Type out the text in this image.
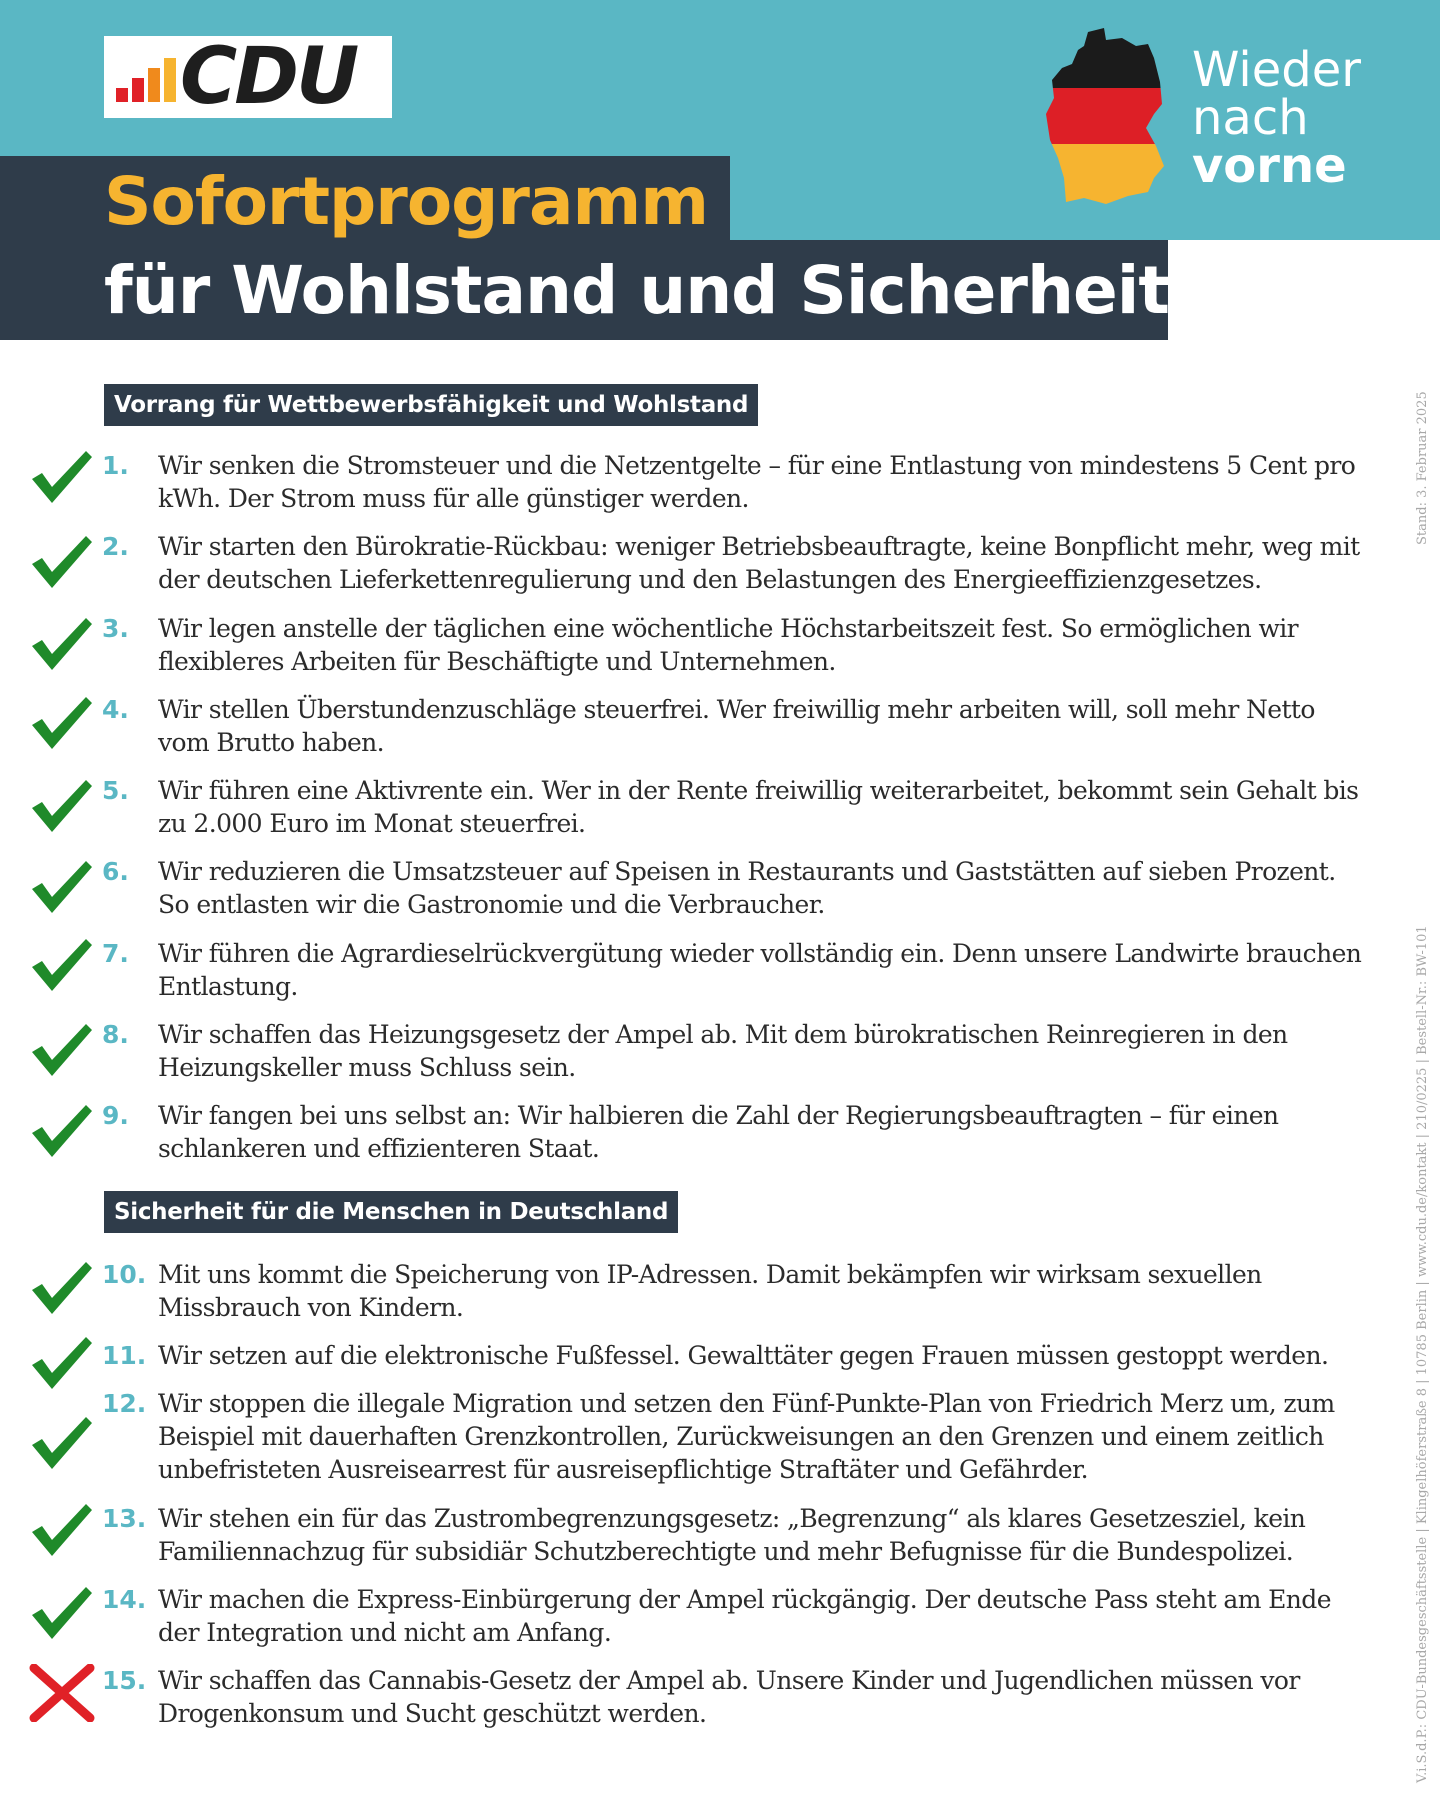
CDU	Wieder
nach
vorne
Sofortprogramm
für Wohlstand und Sicherheit
Vorrang für Wettbewerbsfähigkeit und Wohlstand
Sicherheit für die Menschen in Deutschland
1.	Wir senken die Stromsteuer und die Netzentgelte – für eine Entlastung von mindestens 5 Cent pro kWh. Der Strom muss für alle günstiger werden.
2.	Wir starten den Bürokratie-Rückbau: weniger Betriebsbeauftragte, keine Bonpflicht mehr, weg mit der deutschen Lieferkettenregulierung und den Belastungen des Energieeffizienzgesetzes.
3.	Wir legen anstelle der täglichen eine wöchentliche Höchstarbeitszeit fest. So ermöglichen wir flexibleres Arbeiten für Beschäftigte und Unternehmen.
4.	Wir stellen Überstundenzuschläge steuerfrei. Wer freiwillig mehr arbeiten will, soll mehr Netto vom Brutto haben.
5.	Wir führen eine Aktivrente ein. Wer in der Rente freiwillig weiterarbeitet, bekommt sein Gehalt bis zu 2.000 Euro im Monat steuerfrei.
6.	Wir reduzieren die Umsatzsteuer auf Speisen in Restaurants und Gaststätten auf sieben Prozent. So entlasten wir die Gastronomie und die Verbraucher.
7.	Wir führen die Agrardieselrückvergütung wieder vollständig ein. Denn unsere Landwirte brauchen Entlastung.
8.	Wir schaffen das Heizungsgesetz der Ampel ab. Mit dem bürokratischen Reinregieren in den Heizungskeller muss Schluss sein.
9.	Wir fangen bei uns selbst an: Wir halbieren die Zahl der Regierungsbeauftragten – für einen schlankeren und effizienteren Staat.
10. Mit uns kommt die Speicherung von IP-Adressen. Damit bekämpfen wir wirksam sexuellen Missbrauch von Kindern.
11. Wir setzen auf die elektronische Fußfessel. Gewalttäter gegen Frauen müssen gestoppt werden.
12. Wir stoppen die illegale Migration und setzen den Fünf-Punkte-Plan von Friedrich Merz um, zum Beispiel mit dauerhaften Grenzkontrollen, Zurückweisungen an den Grenzen und einem zeitlich unbefristeten Ausreisearrest für ausreisepflichtige Straftäter und Gefährder.
13. Wir stehen ein für das Zustrombegrenzungsgesetz: „Begrenzung“ als klares Gesetzesziel, kein Familiennachzug für subsidiär Schutzberechtigte und mehr Befugnisse für die Bundespolizei.
14. Wir machen die Express-Einbürgerung der Ampel rückgängig. Der deutsche Pass steht am Ende der Integration und nicht am Anfang.
15. Wir schaffen das Cannabis-Gesetz der Ampel ab. Unsere Kinder und Jugendlichen müssen vor Drogenkonsum und Sucht geschützt werden.
Stand: 3. Februar 2025
V.i.S.d.P.: CDU-Bundesgeschäftsstelle | Klingelhöferstraße 8 | 10785 Berlin | www.cdu.de/kontakt | 210/0225 | Bestell-Nr.: BW-101
